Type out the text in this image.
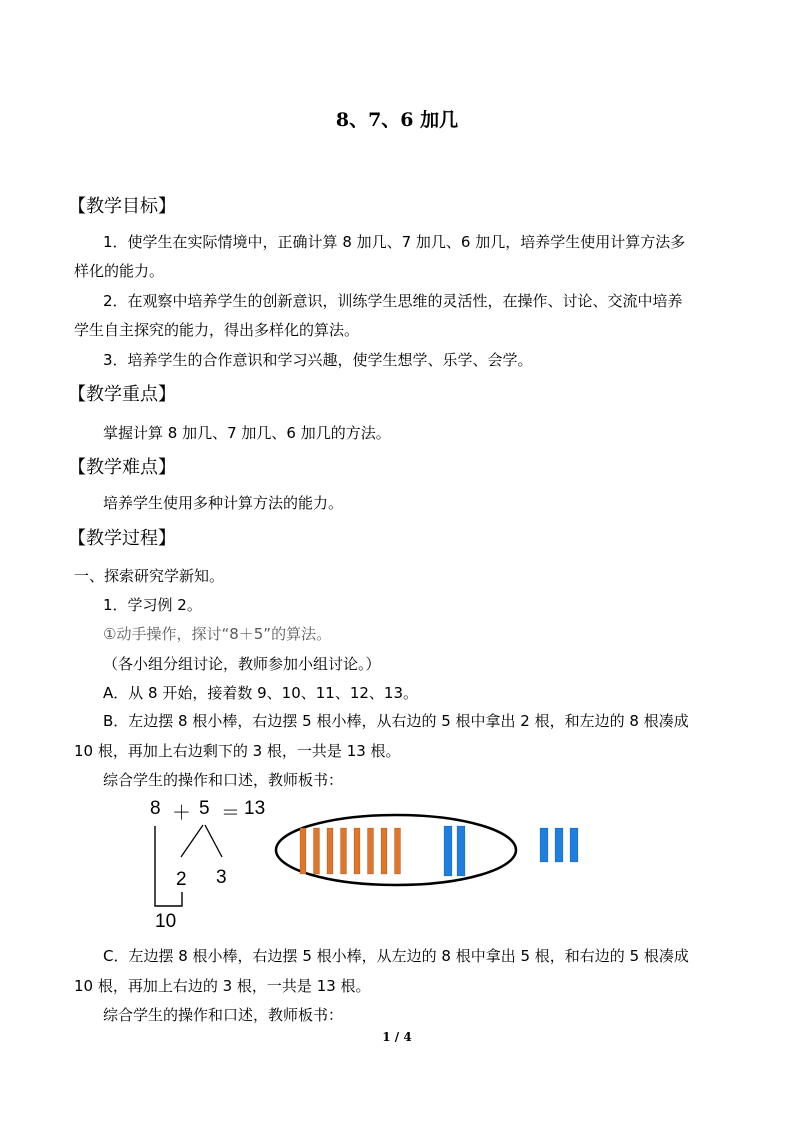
8、7、6 加几
【教学目标】
1．使学生在实际情境中，正确计算 8 加几、7 加几、6 加几，培养学生使用计算方法多
样化的能力。
2．在观察中培养学生的创新意识，训练学生思维的灵活性，在操作、讨论、交流中培养
学生自主探究的能力，得出多样化的算法。
3．培养学生的合作意识和学习兴趣，使学生想学、乐学、会学。
【教学重点】
掌握计算 8 加几、7 加几、6 加几的方法。
【教学难点】
培养学生使用多种计算方法的能力。
【教学过程】
一、探索研究学新知。
1．学习例 2。
①动手操作，探讨“8＋5”的算法。
（各小组分组讨论，教师参加小组讨论。）
A．从 8 开始，接着数 9、10、11、12、13。
B．左边摆 8 根小棒，右边摆 5 根小棒，从右边的 5 根中拿出 2 根，和左边的 8 根凑成
10 根，再加上右边剩下的 3 根，一共是 13 根。
综合学生的操作和口述，教师板书：
8 ＋ 5 ＝ 13
2 3
10
C．左边摆 8 根小棒，右边摆 5 根小棒，从左边的 8 根中拿出 5 根，和右边的 5 根凑成
10 根，再加上右边的 3 根，一共是 13 根。
综合学生的操作和口述，教师板书：
1 / 4
